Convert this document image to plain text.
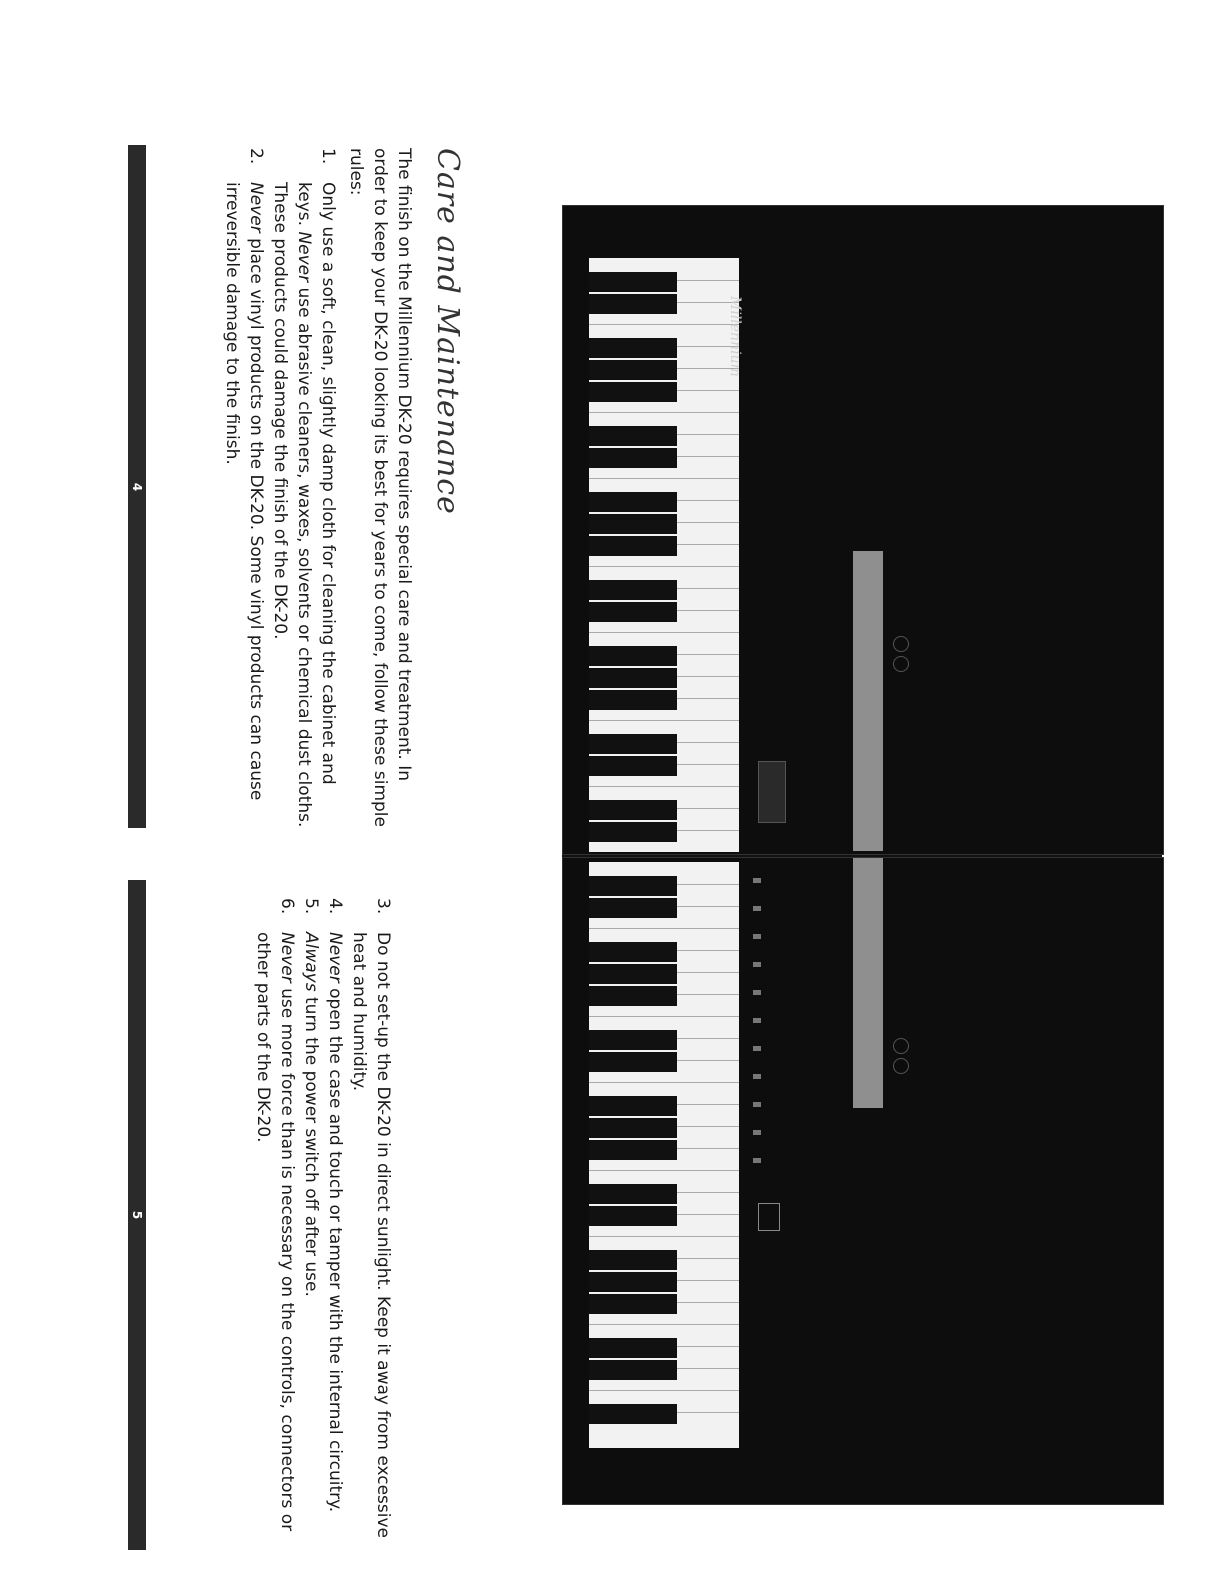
4
5
Care and Maintenance
The finish on the Millennium DK-20 requires special care and treatment. In order to keep your DK-20 looking its best for years to come, follow these simple rules:
1.
Only use a soft, clean, slightly damp cloth for cleaning the cabinet and keys. Never use abrasive cleaners, waxes, solvents or chemical dust cloths. These products could damage the finish of the DK-20.
2.
Never place vinyl products on the DK-20. Some vinyl products can cause irreversible damage to the finish.
3.
Do not set-up the DK-20 in direct sunlight. Keep it away from excessive heat and humidity.
4.
Never open the case and touch or tamper with the internal circuitry.
5.
Always turn the power switch off after use.
6.
Never use more force than is necessary on the controls, connectors or other parts of the DK-20.
Millennium
